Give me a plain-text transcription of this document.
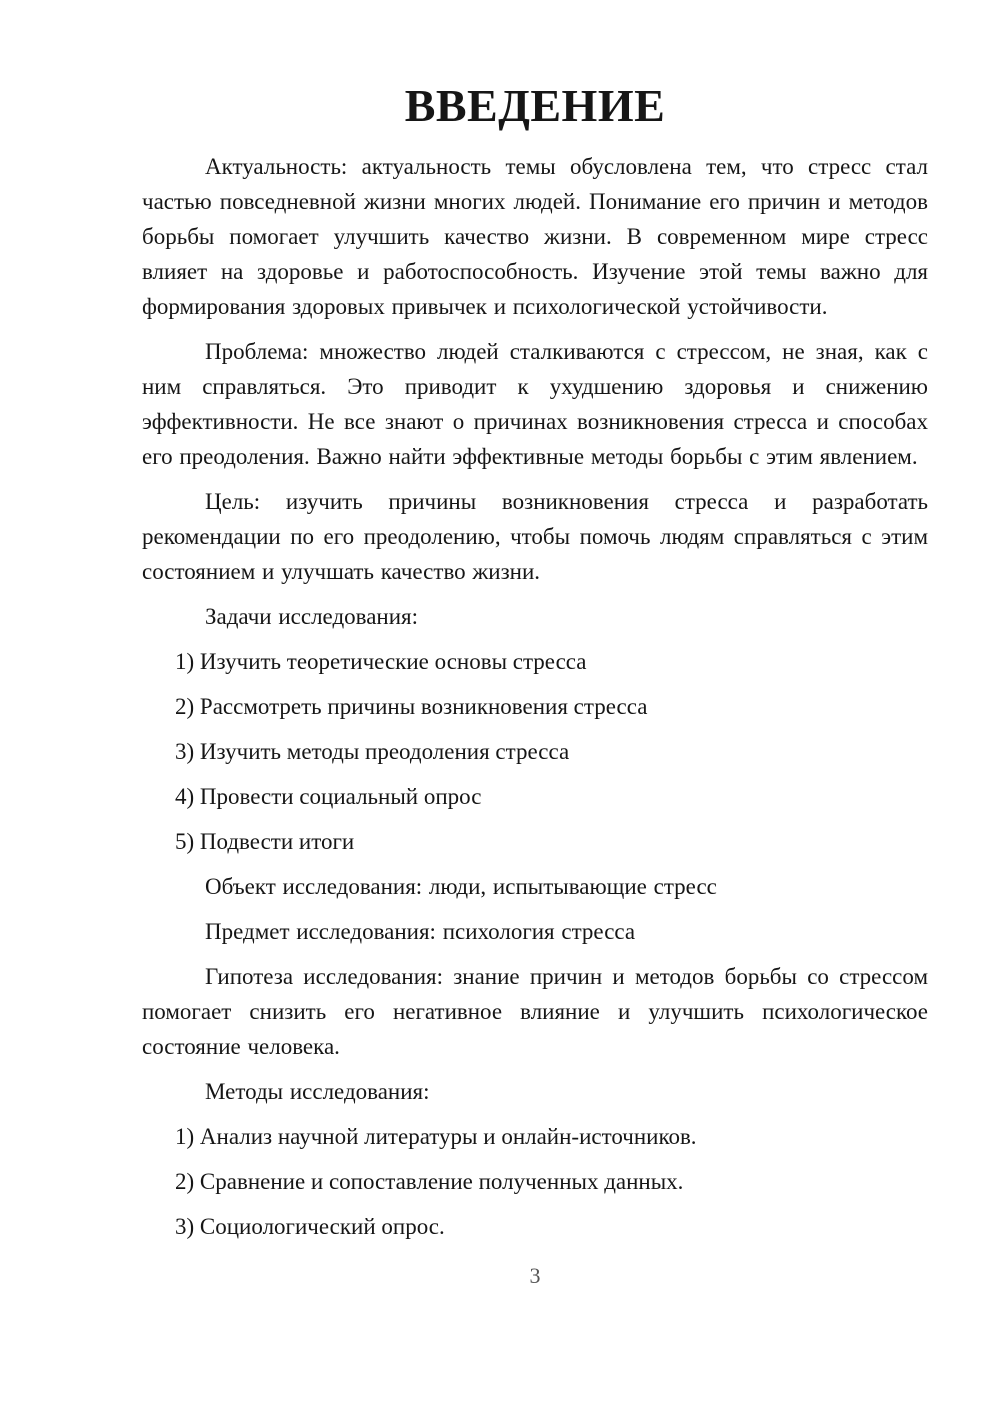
ВВЕДЕНИЕ

Актуальность: актуальность темы обусловлена тем, что стресс стал частью повседневной жизни многих людей. Понимание его причин и методов борьбы помогает улучшить качество жизни. В современном мире стресс влияет на здоровье и работоспособность. Изучение этой темы важно для формирования здоровых привычек и психологической устойчивости.

Проблема: множество людей сталкиваются с стрессом, не зная, как с ним справляться. Это приводит к ухудшению здоровья и снижению эффективности. Не все знают о причинах возникновения стресса и способах его преодоления. Важно найти эффективные методы борьбы с этим явлением.

Цель: изучить причины возникновения стресса и разработать рекомендации по его преодолению, чтобы помочь людям справляться с этим состоянием и улучшать качество жизни.

Задачи исследования:

1) Изучить теоретические основы стресса
2) Рассмотреть причины возникновения стресса
3) Изучить методы преодоления стресса
4) Провести социальный опрос
5) Подвести итоги

Объект исследования: люди, испытывающие стресс

Предмет исследования: психология стресса

Гипотеза исследования: знание причин и методов борьбы со стрессом помогает снизить его негативное влияние и улучшить психологическое состояние человека.

Методы исследования:

1) Анализ научной литературы и онлайн-источников.
2) Сравнение и сопоставление полученных данных.
3) Социологический опрос.
3
